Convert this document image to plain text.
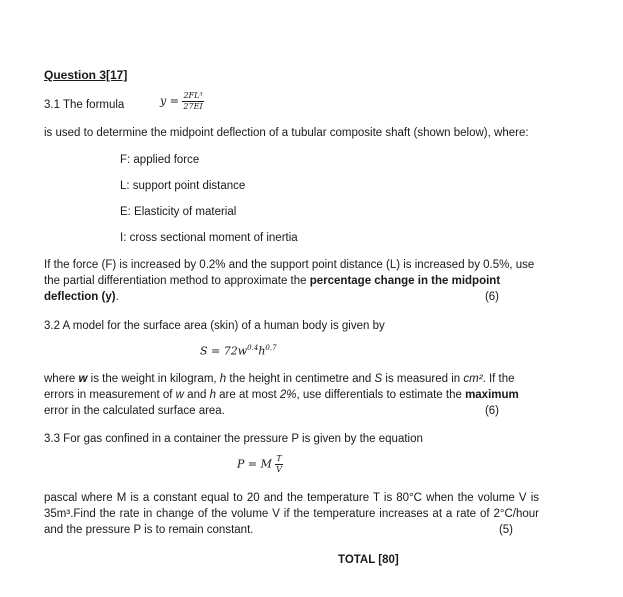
Question 3[17]
3.1 The formula	$y = \frac{\text{2FL³}}{27EI}$
is used to determine the midpoint deflection of a tubular composite shaft (shown below), where:
F: applied force
L: support point distance
E: Elasticity of material
I: cross sectional moment of inertia
If the force (F) is increased by 0.2% and the support point distance (L) is increased by 0.5%, use the partial differentiation method to approximate the percentage change in the midpoint deflection (y).	(6)
3.2 A model for the surface area (skin) of a human body is given by
$S = 72w^{0.4}h^{0.7}$
where w is the weight in kilogram, h the height in centimetre and S is measured in cm². If the errors in measurement of w and h are at most 2%, use differentials to estimate the maximum error in the calculated surface area.	(6)
3.3 For gas confined in a container the pressure P is given by the equation
P = M $\frac{T}{V}$
pascal where M is a constant equal to 20 and the temperature T is 80°C when the volume V is 35m³.Find the rate in change of the volume V if the temperature increases at a rate of 2°C/hour and the pressure P is to remain constant.	(5)
TOTAL [80]
